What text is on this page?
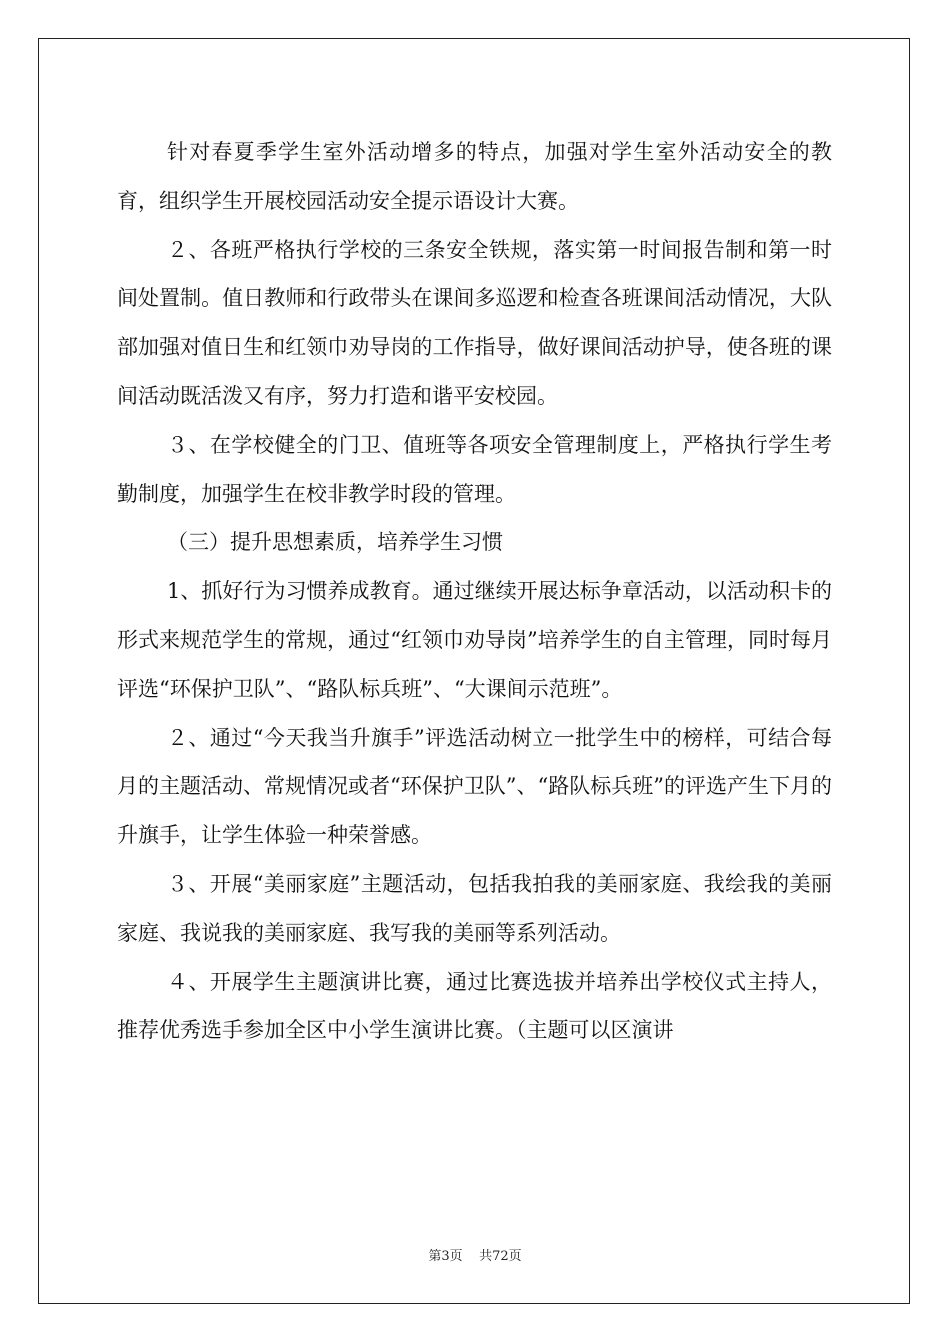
针对春夏季学生室外活动增多的特点，加强对学生室外活动安全的教育，组织学生开展校园活动安全提示语设计大赛。

２、各班严格执行学校的三条安全铁规，落实第一时间报告制和第一时间处置制。值日教师和行政带头在课间多巡逻和检查各班课间活动情况，大队部加强对值日生和红领巾劝导岗的工作指导，做好课间活动护导，使各班的课间活动既活泼又有序，努力打造和谐平安校园。

３、在学校健全的门卫、值班等各项安全管理制度上，严格执行学生考勤制度，加强学生在校非教学时段的管理。

（三）提升思想素质，培养学生习惯

1、抓好行为习惯养成教育。通过继续开展达标争章活动，以活动积卡的形式来规范学生的常规，通过“红领巾劝导岗”培养学生的自主管理，同时每月评选“环保护卫队”、“路队标兵班”、“大课间示范班”。

２、通过“今天我当升旗手”评选活动树立一批学生中的榜样，可结合每月的主题活动、常规情况或者“环保护卫队”、“路队标兵班”的评选产生下月的升旗手，让学生体验一种荣誉感。

３、开展“美丽家庭”主题活动，包括我拍我的美丽家庭、我绘我的美丽家庭、我说我的美丽家庭、我写我的美丽等系列活动。

４、开展学生主题演讲比赛，通过比赛选拔并培养出学校仪式主持人，推荐优秀选手参加全区中小学生演讲比赛。（主题可以区演讲

第3页 共72页
